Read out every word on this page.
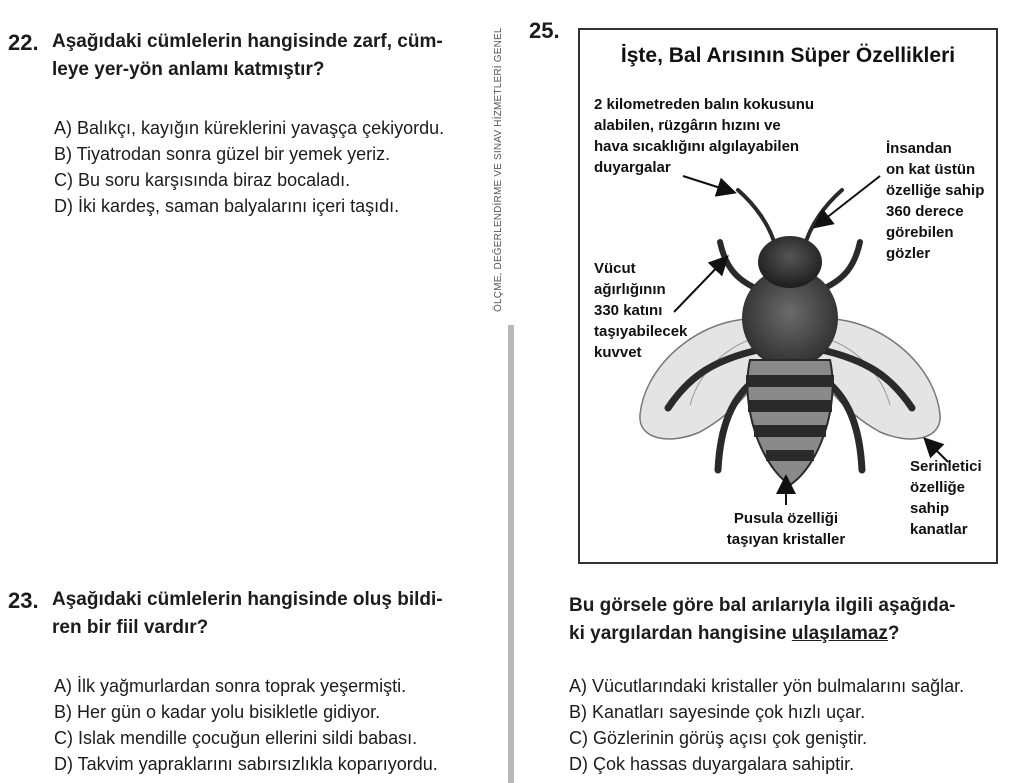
ÖLÇME, DEĞERLENDİRME VE SINAV HİZMETLERİ GENEL
22. Aşağıdaki cümlelerin hangisinde zarf, cüm-
leye yer-yön anlamı katmıştır?
A) Balıkçı, kayığın küreklerini yavaşça çekiyordu.
B) Tiyatrodan sonra güzel bir yemek yeriz.
C) Bu soru karşısında biraz bocaladı.
D) İki kardeş, saman balyalarını içeri taşıdı.
23. Aşağıdaki cümlelerin hangisinde oluş bildi-
ren bir fiil vardır?
A) İlk yağmurlardan sonra toprak yeşermişti.
B) Her gün o kadar yolu bisikletle gidiyor.
C) Islak mendille çocuğun ellerini sildi babası.
D) Takvim yapraklarını sabırsızlıkla koparıyordu.
25.
İşte, Bal Arısının Süper Özellikleri
2 kilometreden balın kokusunu
alabilen, rüzgârın hızını ve
hava sıcaklığını algılayabilen
duyargalar
İnsandan
on kat üstün
özelliğe sahip
360 derece
görebilen
gözler
Vücut
ağırlığının
330 katını
taşıyabilecek
kuvvet
Serinletici
özelliğe
sahip
kanatlar
Pusula özelliği
taşıyan kristaller
Bu görsele göre bal arılarıyla ilgili aşağıda-
ki yargılardan hangisine ulaşılamaz?
A) Vücutlarındaki kristaller yön bulmalarını sağlar.
B) Kanatları sayesinde çok hızlı uçar.
C) Gözlerinin görüş açısı çok geniştir.
D) Çok hassas duyargalara sahiptir.
